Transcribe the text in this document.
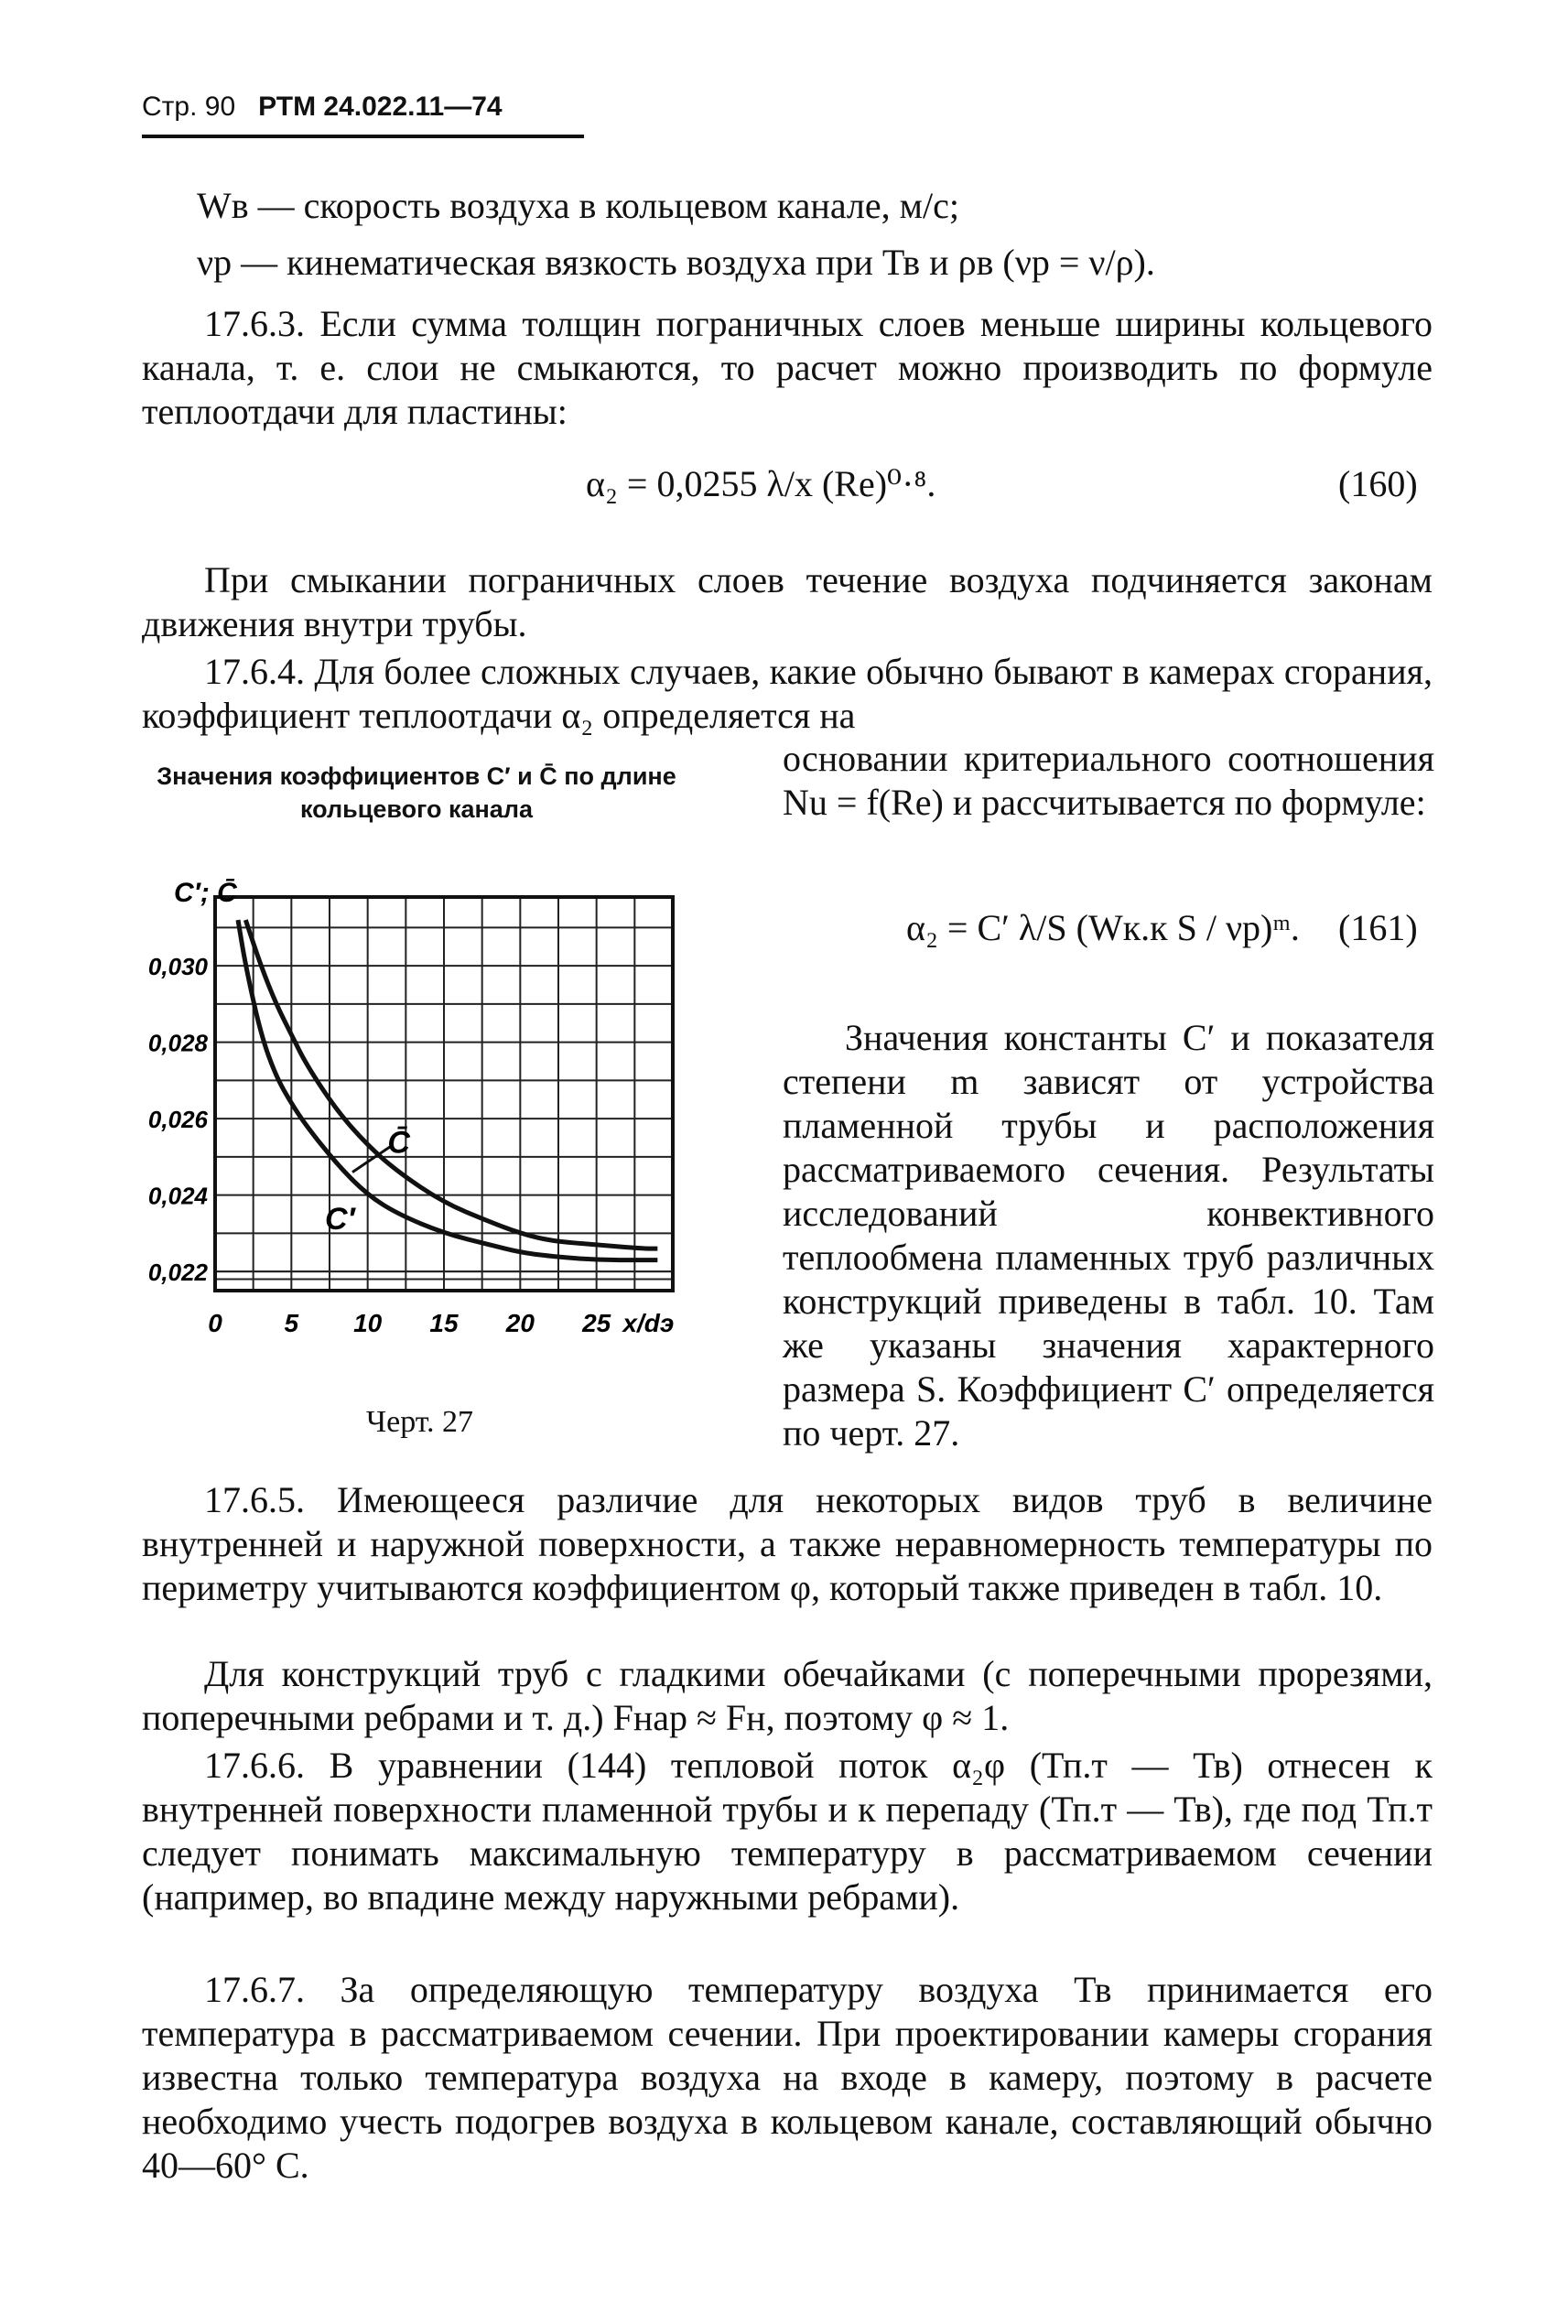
Стр. 90 РТМ 24.022.11—74
Wв — скорость воздуха в кольцевом канале, м/с;
νр — кинематическая вязкость воздуха при Тв и ρв (νр = ν/ρ).
17.6.3. Если сумма толщин пограничных слоев меньше ширины кольцевого канала, т. е. слои не смыкаются, то расчет можно производить по формуле теплоотдачи для пластины:
α₂ = 0,0255 λ/x (Re)⁰·⁸.	(160)
При смыкании пограничных слоев течение воздуха подчиняется законам движения внутри трубы.
17.6.4. Для более сложных случаев, какие обычно бывают в камерах сгорания, коэффициент теплоотдачи α₂ определяется на
Значения коэффициентов C′ и C̄ по длине кольцевого канала
C′; C̄
0,030
0,028
0,026
0,024
0,022
0 5 10 15 20 25 x/dэ
C̄
C′
Черт. 27
основании критериального соотношения Nu = f(Re) и рассчитывается по формуле:
α₂ = C′ λ/S (Wк.к S / νр)ᵐ. (161)
Значения константы C′ и показателя степени m зависят от устройства пламенной трубы и расположения рассматриваемого сечения. Результаты исследований конвективного теплообмена пламенных труб различных конструкций приведены в табл. 10. Там же указаны значения характерного размера S. Коэффициент C′ определяется по черт. 27.
17.6.5. Имеющееся различие для некоторых видов труб в величине внутренней и наружной поверхности, а также неравномерность температуры по периметру учитываются коэффициентом φ, который также приведен в табл. 10.
Для конструкций труб с гладкими обечайками (с поперечными прорезями, поперечными ребрами и т. д.) Fнар ≈ Fн, поэтому φ ≈ 1.
17.6.6. В уравнении (144) тепловой поток α₂φ (Тп.т — Тв) отнесен к внутренней поверхности пламенной трубы и к перепаду (Тп.т — Тв), где под Тп.т следует понимать максимальную температуру в рассматриваемом сечении (например, во впадине между наружными ребрами).
17.6.7. За определяющую температуру воздуха Тв принимается его температура в рассматриваемом сечении. При проектировании камеры сгорания известна только температура воздуха на входе в камеру, поэтому в расчете необходимо учесть подогрев воздуха в кольцевом канале, составляющий обычно 40—60° С.
